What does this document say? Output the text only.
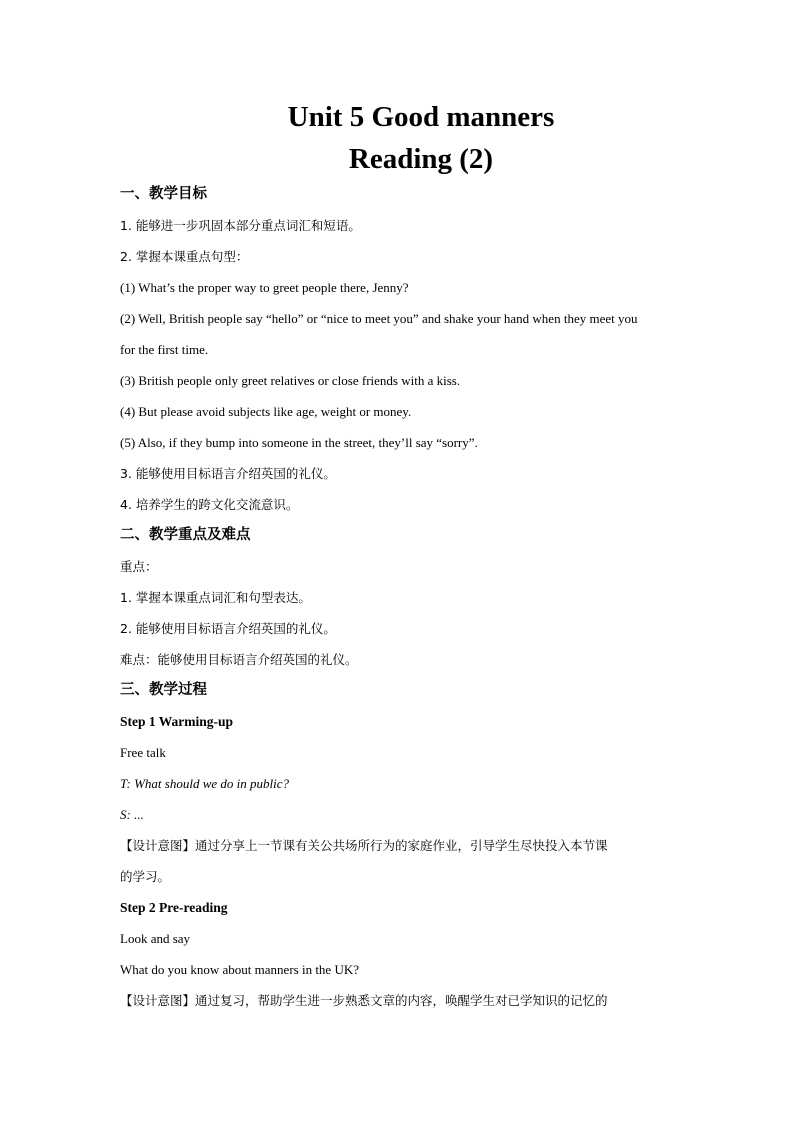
Unit 5 Good manners
Reading (2)

一、教学目标

1. 能够进一步巩固本部分重点词汇和短语。

2. 掌握本课重点句型：

(1) What’s the proper way to greet people there, Jenny?

(2) Well, British people say “hello” or “nice to meet you” and shake your hand when they meet you

for the first time.

(3) British people only greet relatives or close friends with a kiss.

(4) But please avoid subjects like age, weight or money.

(5) Also, if they bump into someone in the street, they’ll say “sorry”.

3. 能够使用目标语言介绍英国的礼仪。

4. 培养学生的跨文化交流意识。

二、教学重点及难点

重点：

1. 掌握本课重点词汇和句型表达。

2. 能够使用目标语言介绍英国的礼仪。

难点：能够使用目标语言介绍英国的礼仪。

三、教学过程

Step 1 Warming-up

Free talk

T: What should we do in public?

S: ...

【设计意图】通过分享上一节课有关公共场所行为的家庭作业，引导学生尽快投入本节课

的学习。

Step 2 Pre-reading

Look and say

What do you know about manners in the UK?

【设计意图】通过复习，帮助学生进一步熟悉文章的内容，唤醒学生对已学知识的记忆的
